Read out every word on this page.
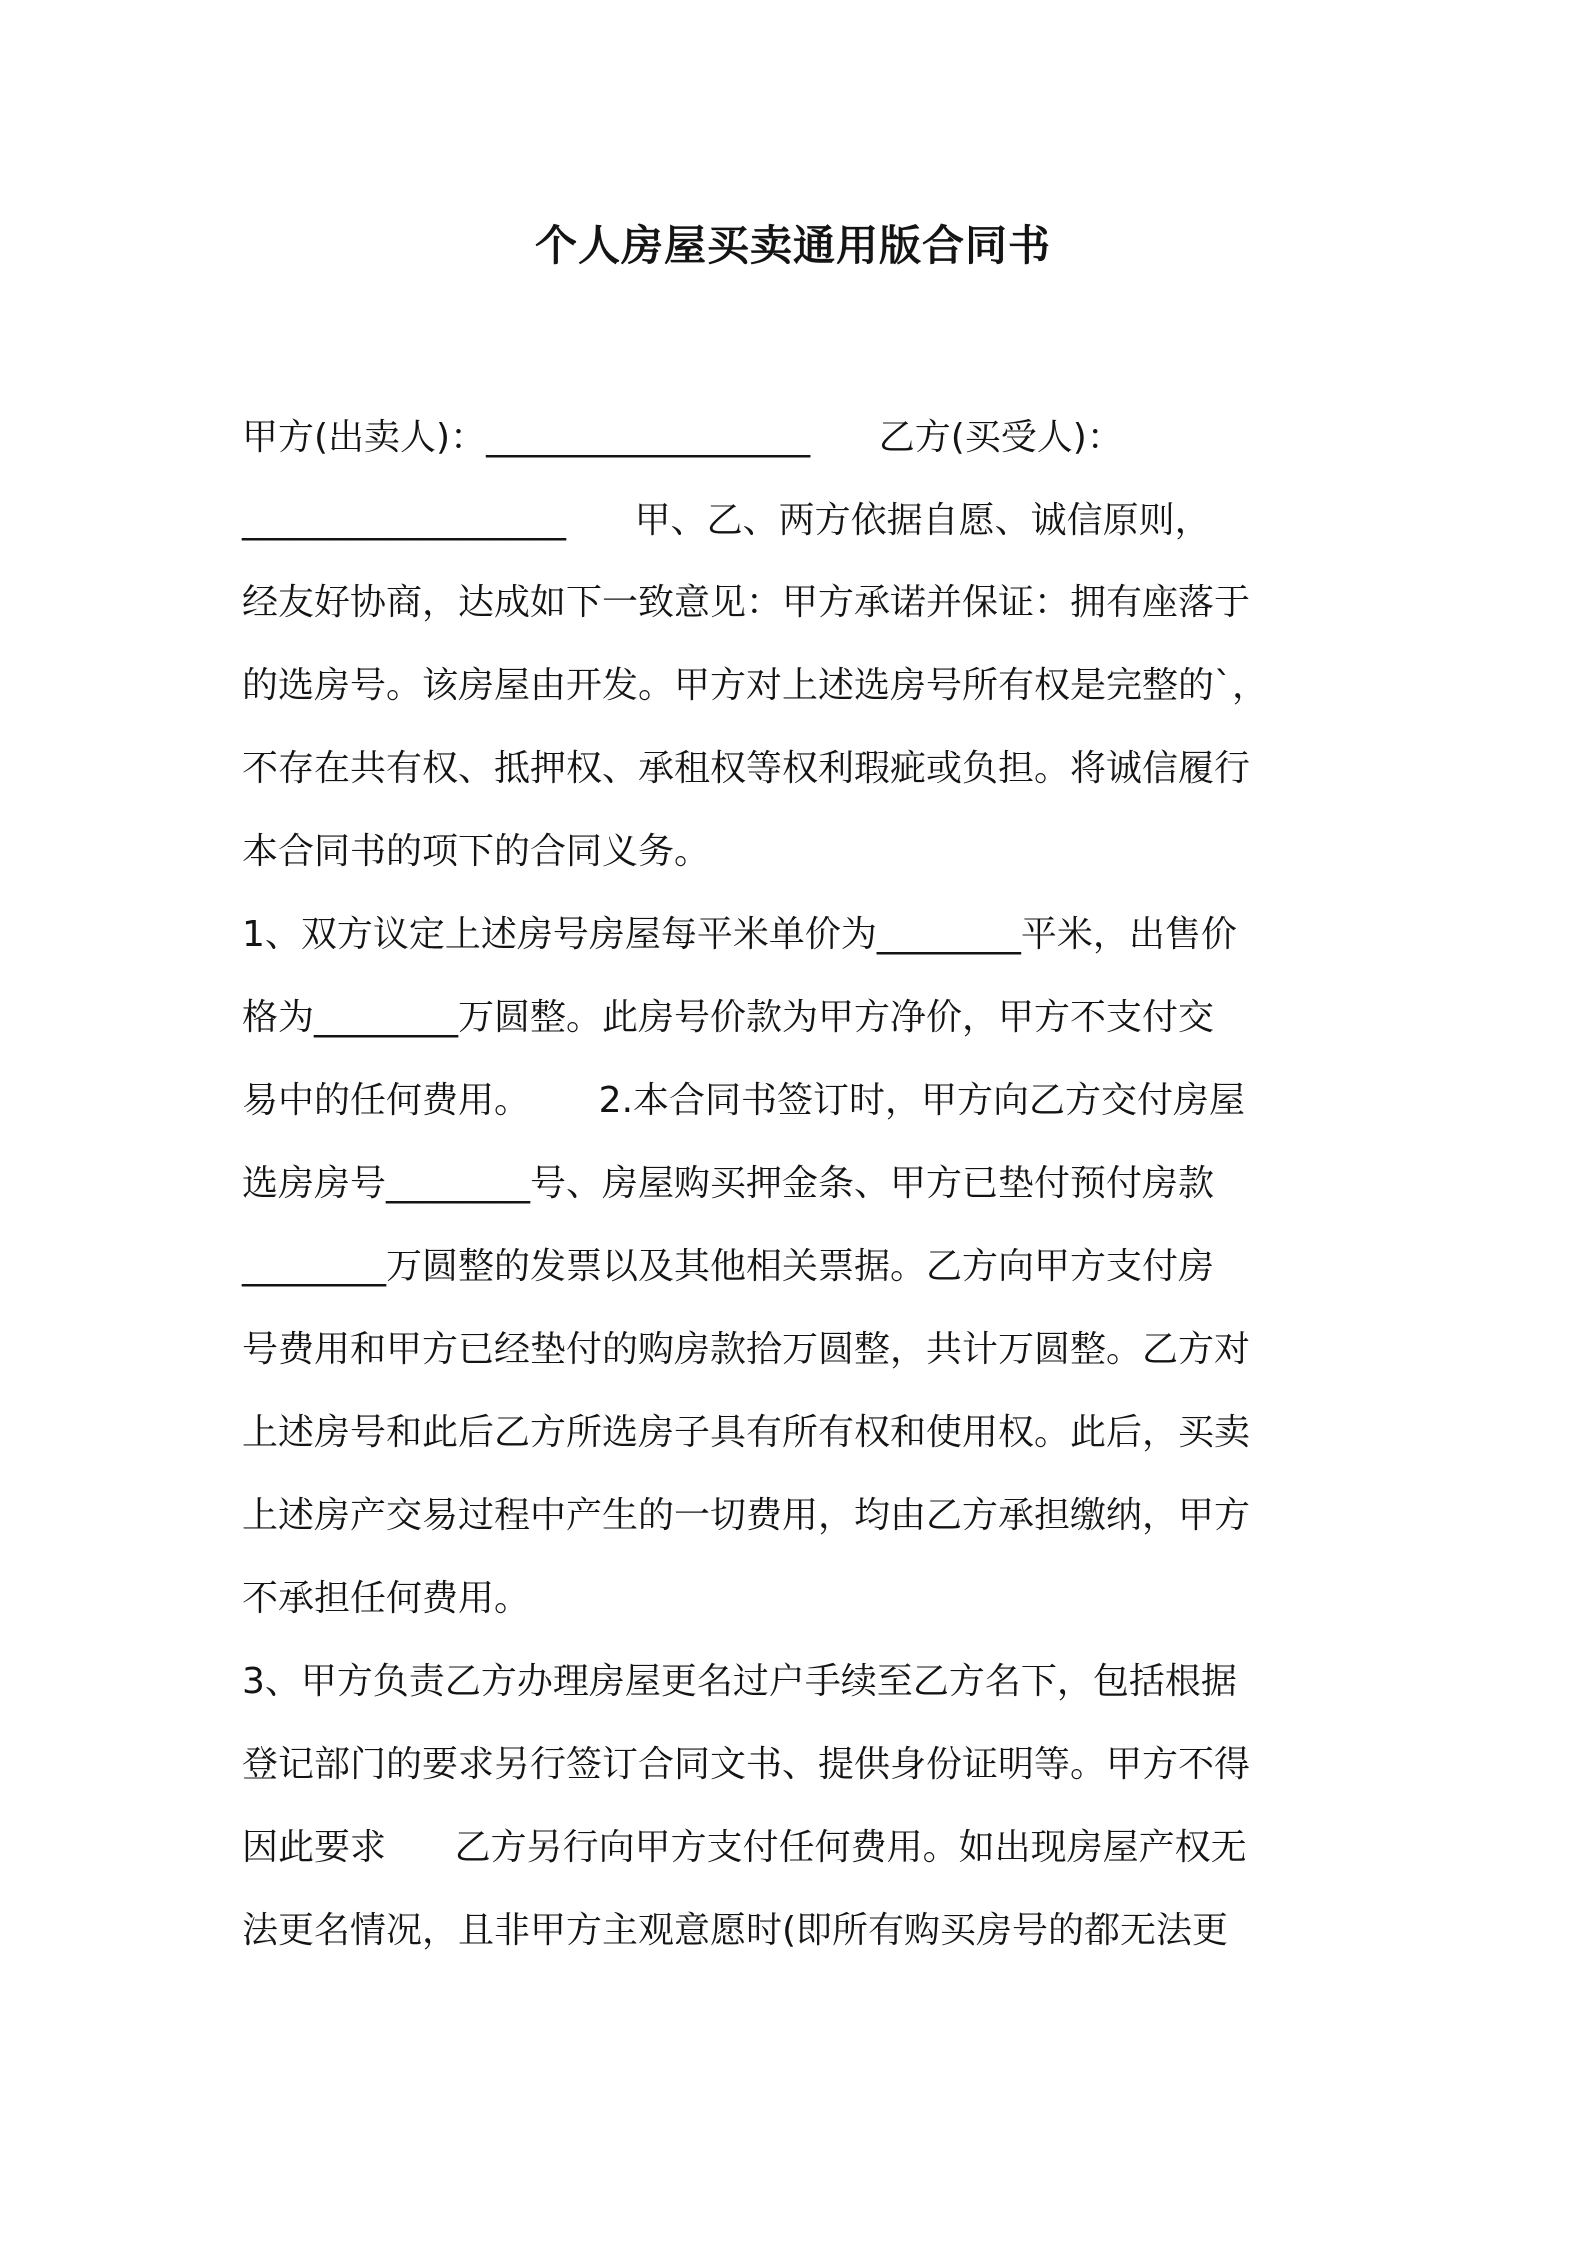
个人房屋买卖通用版合同书

甲方(出卖人)：__________________      乙方(买受人)：

__________________      甲、乙、两方依据自愿、诚信原则，

经友好协商，达成如下一致意见：甲方承诺并保证：拥有座落于

的选房号。该房屋由开发。甲方对上述选房号所有权是完整的`，

不存在共有权、抵押权、承租权等权利瑕疵或负担。将诚信履行

本合同书的项下的合同义务。

1、双方议定上述房号房屋每平米单价为________平米，出售价

格为________万圆整。此房号价款为甲方净价，甲方不支付交

易中的任何费用。      2.本合同书签订时，甲方向乙方交付房屋

选房房号________号、房屋购买押金条、甲方已垫付预付房款

________万圆整的发票以及其他相关票据。乙方向甲方支付房

号费用和甲方已经垫付的购房款拾万圆整，共计万圆整。乙方对

上述房号和此后乙方所选房子具有所有权和使用权。此后，买卖

上述房产交易过程中产生的一切费用，均由乙方承担缴纳，甲方

不承担任何费用。

3、甲方负责乙方办理房屋更名过户手续至乙方名下，包括根据

登记部门的要求另行签订合同文书、提供身份证明等。甲方不得

因此要求      乙方另行向甲方支付任何费用。如出现房屋产权无

法更名情况，且非甲方主观意愿时(即所有购买房号的都无法更
